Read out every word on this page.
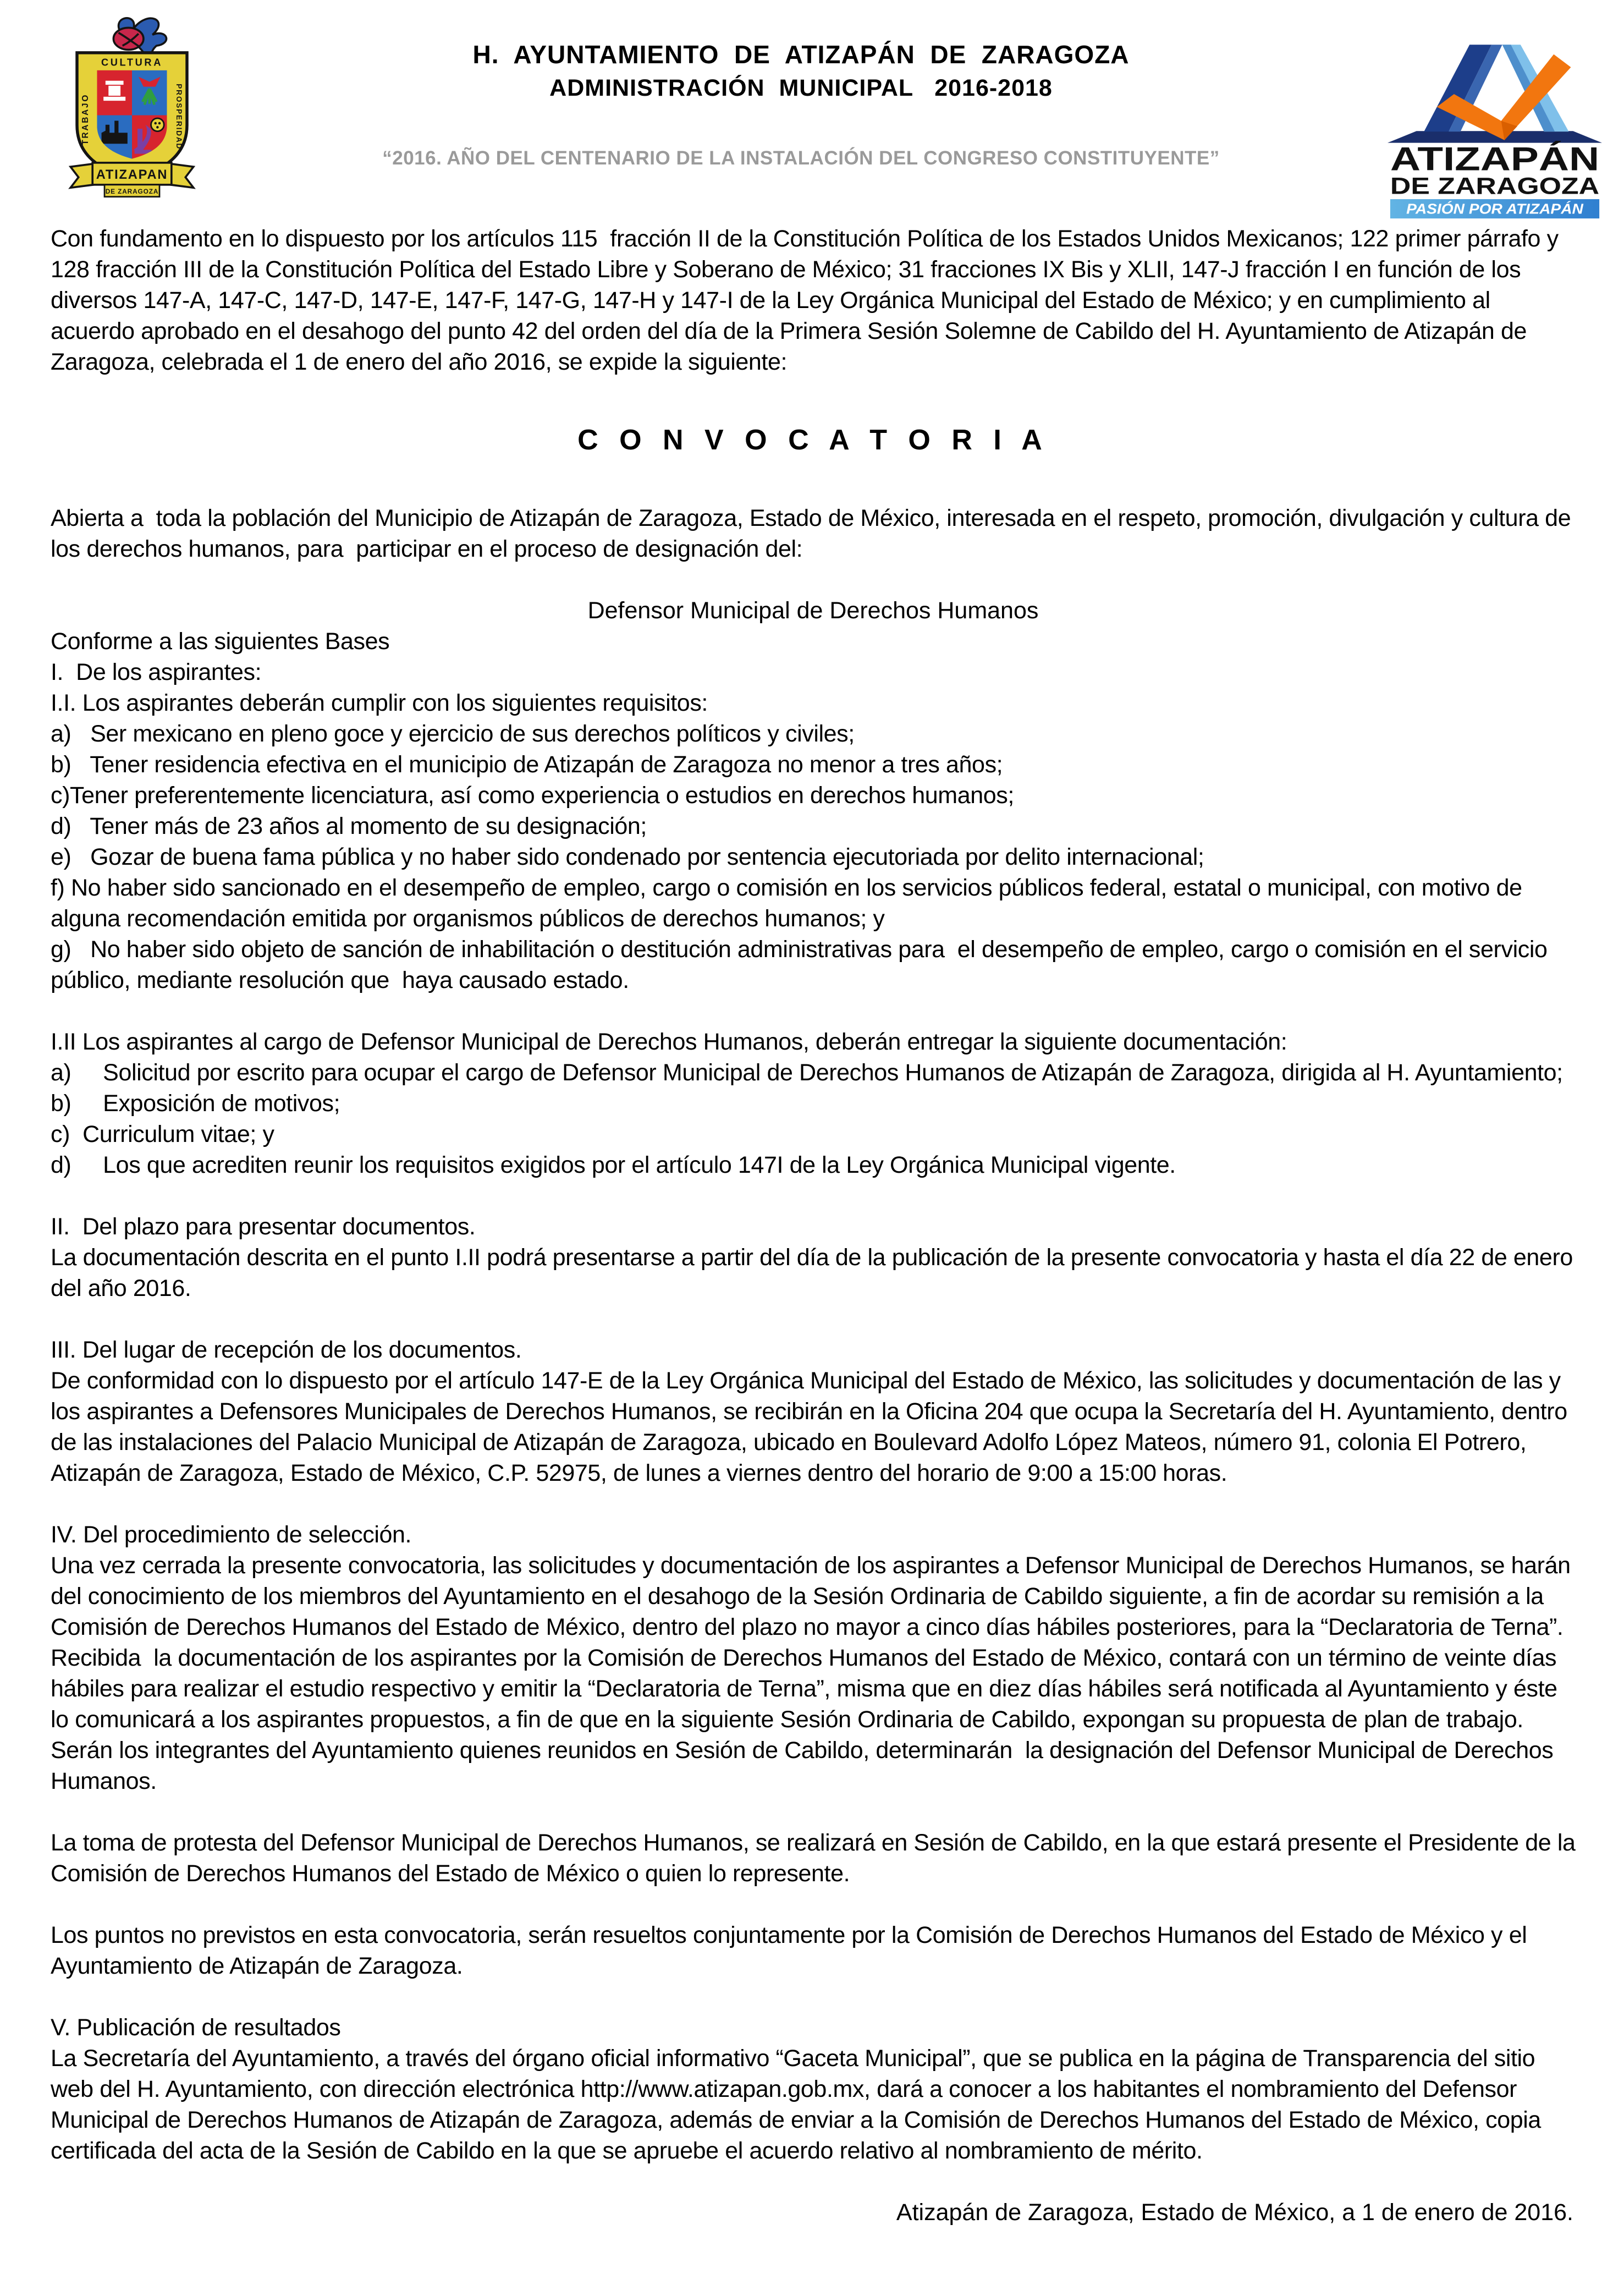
CULTURA
TRABAJO	PROSPERIDAD
ATIZAPAN
DE ZARAGOZA
H.  AYUNTAMIENTO  DE  ATIZAPÁN  DE  ZARAGOZA
ADMINISTRACIÓN  MUNICIPAL   2016-2018
“2016. AÑO DEL CENTENARIO DE LA INSTALACIÓN DEL CONGRESO CONSTITUYENTE”	ATIZAPÁN
DE ZARAGOZA
PASIÓN POR ATIZAPÁN
Con fundamento en lo dispuesto por los artículos 115  fracción II de la Constitución Política de los Estados Unidos Mexicanos; 122 primer párrafo y 128 fracción III de la Constitución Política del Estado Libre y Soberano de México; 31 fracciones IX Bis y XLII, 147-J fracción I en función de los diversos 147-A, 147-C, 147-D, 147-E, 147-F, 147-G, 147-H y 147-I de la Ley Orgánica Municipal del Estado de México; y en cumplimiento al acuerdo aprobado en el desahogo del punto 42 del orden del día de la Primera Sesión Solemne de Cabildo del H. Ayuntamiento de Atizapán de Zaragoza, celebrada el 1 de enero del año 2016, se expide la siguiente:
C O N V O C A T O R I A
Abierta a  toda la población del Municipio de Atizapán de Zaragoza, Estado de México, interesada en el respeto, promoción, divulgación y cultura de los derechos humanos, para  participar en el proceso de designación del:
Defensor Municipal de Derechos Humanos
Conforme a las siguientes Bases
I.  De los aspirantes:
I.I. Los aspirantes deberán cumplir con los siguientes requisitos:
a)   Ser mexicano en pleno goce y ejercicio de sus derechos políticos y civiles;
b)   Tener residencia efectiva en el municipio de Atizapán de Zaragoza no menor a tres años;
c)Tener preferentemente licenciatura, así como experiencia o estudios en derechos humanos;
d)   Tener más de 23 años al momento de su designación;
e)   Gozar de buena fama pública y no haber sido condenado por sentencia ejecutoriada por delito internacional;
f) No haber sido sancionado en el desempeño de empleo, cargo o comisión en los servicios públicos federal, estatal o municipal, con motivo de alguna recomendación emitida por organismos públicos de derechos humanos; y
g)   No haber sido objeto de sanción de inhabilitación o destitución administrativas para  el desempeño de empleo, cargo o comisión en el servicio público, mediante resolución que  haya causado estado.
I.II Los aspirantes al cargo de Defensor Municipal de Derechos Humanos, deberán entregar la siguiente documentación:
a)     Solicitud por escrito para ocupar el cargo de Defensor Municipal de Derechos Humanos de Atizapán de Zaragoza, dirigida al H. Ayuntamiento;
b)     Exposición de motivos;
c)  Curriculum vitae; y
d)     Los que acrediten reunir los requisitos exigidos por el artículo 147I de la Ley Orgánica Municipal vigente.
II.  Del plazo para presentar documentos.
La documentación descrita en el punto I.II podrá presentarse a partir del día de la publicación de la presente convocatoria y hasta el día 22 de enero del año 2016.
III. Del lugar de recepción de los documentos.
De conformidad con lo dispuesto por el artículo 147-E de la Ley Orgánica Municipal del Estado de México, las solicitudes y documentación de las y los aspirantes a Defensores Municipales de Derechos Humanos, se recibirán en la Oficina 204 que ocupa la Secretaría del H. Ayuntamiento, dentro de las instalaciones del Palacio Municipal de Atizapán de Zaragoza, ubicado en Boulevard Adolfo López Mateos, número 91, colonia El Potrero, Atizapán de Zaragoza, Estado de México, C.P. 52975, de lunes a viernes dentro del horario de 9:00 a 15:00 horas.
IV. Del procedimiento de selección.
Una vez cerrada la presente convocatoria, las solicitudes y documentación de los aspirantes a Defensor Municipal de Derechos Humanos, se harán del conocimiento de los miembros del Ayuntamiento en el desahogo de la Sesión Ordinaria de Cabildo siguiente, a fin de acordar su remisión a la Comisión de Derechos Humanos del Estado de México, dentro del plazo no mayor a cinco días hábiles posteriores, para la “Declaratoria de Terna”.
Recibida  la documentación de los aspirantes por la Comisión de Derechos Humanos del Estado de México, contará con un término de veinte días hábiles para realizar el estudio respectivo y emitir la “Declaratoria de Terna”, misma que en diez días hábiles será notificada al Ayuntamiento y éste lo comunicará a los aspirantes propuestos, a fin de que en la siguiente Sesión Ordinaria de Cabildo, expongan su propuesta de plan de trabajo.
Serán los integrantes del Ayuntamiento quienes reunidos en Sesión de Cabildo, determinarán  la designación del Defensor Municipal de Derechos Humanos.
La toma de protesta del Defensor Municipal de Derechos Humanos, se realizará en Sesión de Cabildo, en la que estará presente el Presidente de la Comisión de Derechos Humanos del Estado de México o quien lo represente.
Los puntos no previstos en esta convocatoria, serán resueltos conjuntamente por la Comisión de Derechos Humanos del Estado de México y el Ayuntamiento de Atizapán de Zaragoza.
V. Publicación de resultados
La Secretaría del Ayuntamiento, a través del órgano oficial informativo “Gaceta Municipal”, que se publica en la página de Transparencia del sitio web del H. Ayuntamiento, con dirección electrónica http://www.atizapan.gob.mx, dará a conocer a los habitantes el nombramiento del Defensor Municipal de Derechos Humanos de Atizapán de Zaragoza, además de enviar a la Comisión de Derechos Humanos del Estado de México, copia certificada del acta de la Sesión de Cabildo en la que se apruebe el acuerdo relativo al nombramiento de mérito.
Atizapán de Zaragoza, Estado de México, a 1 de enero de 2016.
